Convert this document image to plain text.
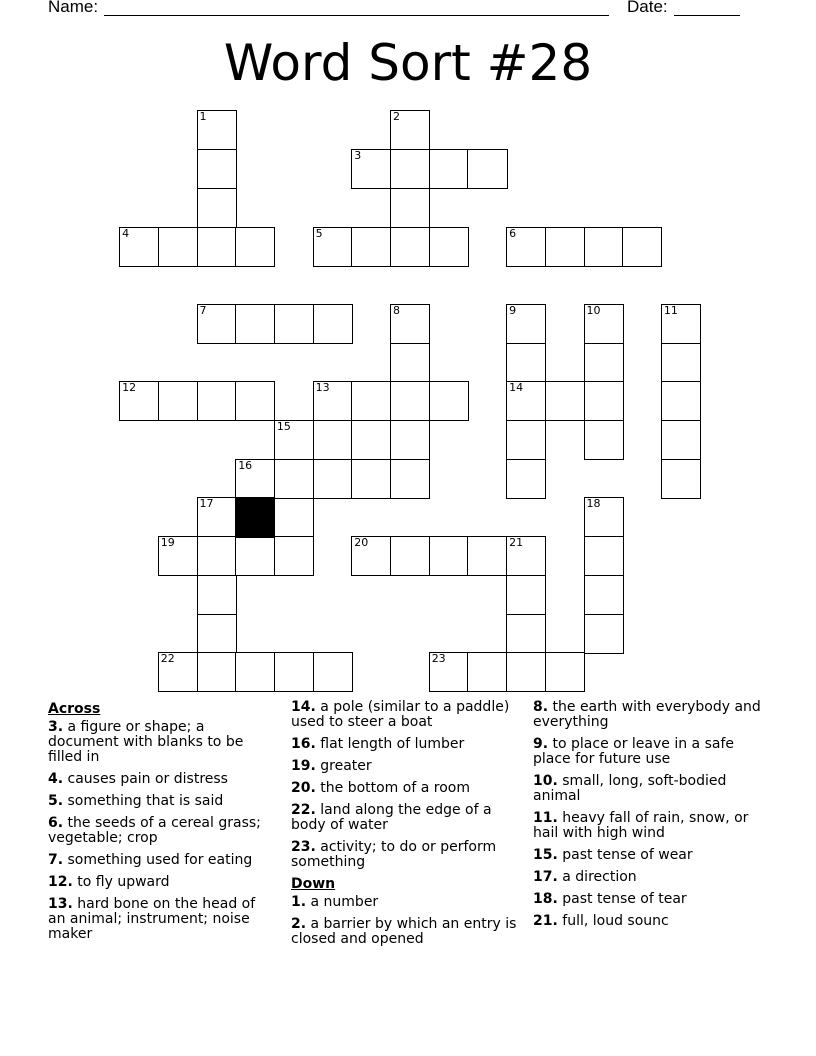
Name:	Date:
Word Sort #28
1	2
3
4	5	6
7	8	9	10	11
12	13	14
15
16
17
19	20	21
18
22	23
Across
3. a figure or shape; a document with blanks to be filled in
4. causes pain or distress
5. something that is said
6. the seeds of a cereal grass; vegetable; crop
7. something used for eating
12. to fly upward
13. hard bone on the head of an animal; instrument; noise maker
14. a pole (similar to a paddle) used to steer a boat
16. flat length of lumber
19. greater
20. the bottom of a room
22. land along the edge of a body of water
23. activity; to do or perform something
Down
1. a number
2. a barrier by which an entry is closed and opened
8. the earth with everybody and everything
9. to place or leave in a safe place for future use
10. small, long, soft-bodied animal
11. heavy fall of rain, snow, or hail with high wind
15. past tense of wear
17. a direction
18. past tense of tear
21. full, loud sounc
